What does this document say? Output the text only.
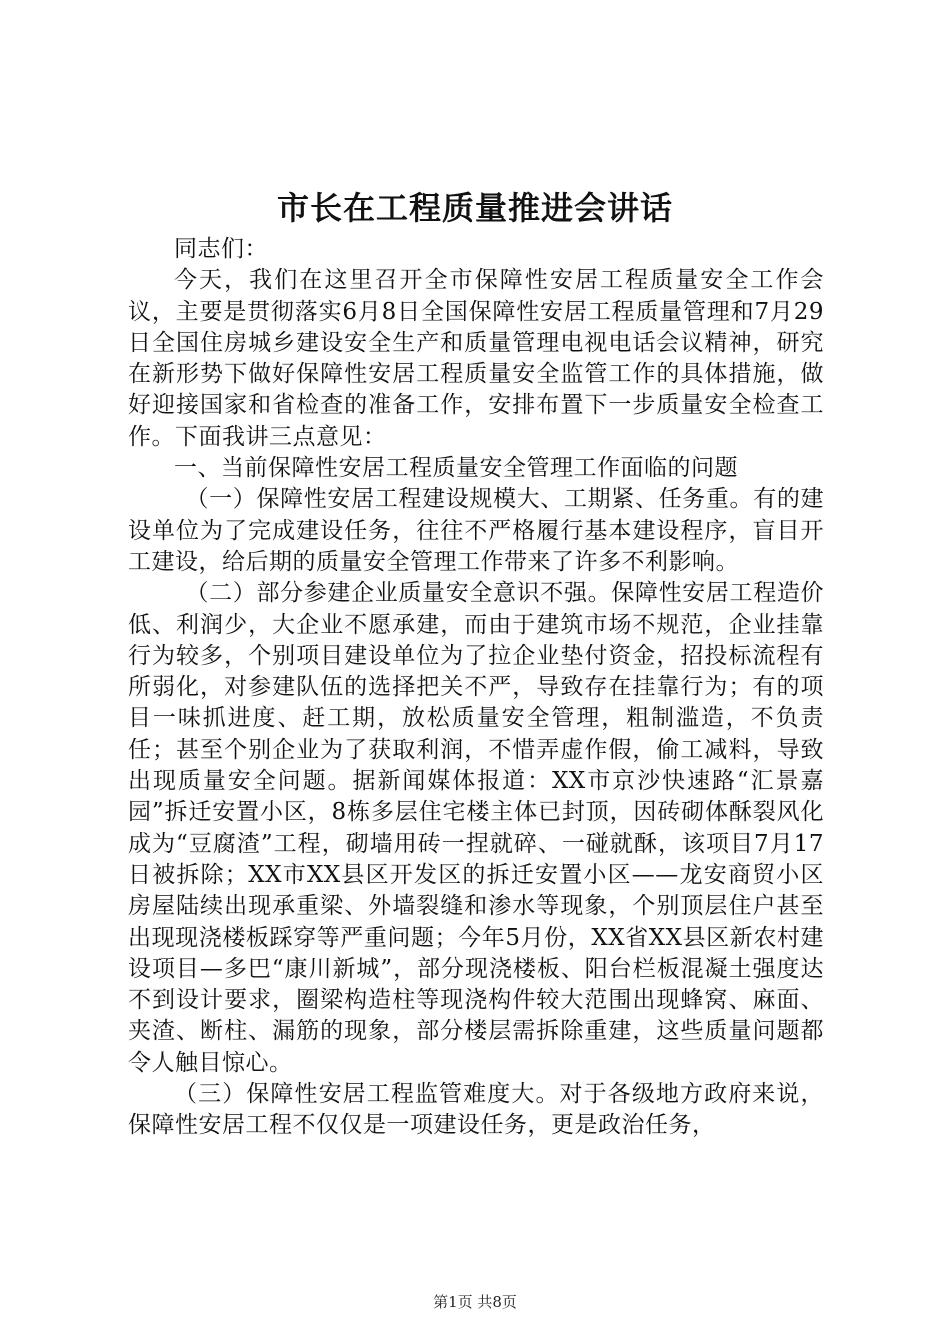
市长在工程质量推进会讲话

同志们：

今天，我们在这里召开全市保障性安居工程质量安全工作会议，主要是贯彻落实6月8日全国保障性安居工程质量管理和7月29日全国住房城乡建设安全生产和质量管理电视电话会议精神，研究在新形势下做好保障性安居工程质量安全监管工作的具体措施，做好迎接国家和省检查的准备工作，安排布置下一步质量安全检查工作。下面我讲三点意见：

一、当前保障性安居工程质量安全管理工作面临的问题

（一）保障性安居工程建设规模大、工期紧、任务重。有的建设单位为了完成建设任务，往往不严格履行基本建设程序，盲目开工建设，给后期的质量安全管理工作带来了许多不利影响。

（二）部分参建企业质量安全意识不强。保障性安居工程造价低、利润少，大企业不愿承建，而由于建筑市场不规范，企业挂靠行为较多，个别项目建设单位为了拉企业垫付资金，招投标流程有所弱化，对参建队伍的选择把关不严，导致存在挂靠行为；有的项目一味抓进度、赶工期，放松质量安全管理，粗制滥造，不负责任；甚至个别企业为了获取利润，不惜弄虚作假，偷工减料，导致出现质量安全问题。据新闻媒体报道：XX市京沙快速路“汇景嘉园”拆迁安置小区，8栋多层住宅楼主体已封顶，因砖砌体酥裂风化成为“豆腐渣”工程，砌墙用砖一捏就碎、一碰就酥，该项目7月17日被拆除；XX市XX县区开发区的拆迁安置小区——龙安商贸小区房屋陆续出现承重梁、外墙裂缝和渗水等现象，个别顶层住户甚至出现现浇楼板踩穿等严重问题；今年5月份，XX省XX县区新农村建设项目—多巴“康川新城”，部分现浇楼板、阳台栏板混凝土强度达不到设计要求，圈梁构造柱等现浇构件较大范围出现蜂窝、麻面、夹渣、断柱、漏筋的现象，部分楼层需拆除重建，这些质量问题都令人触目惊心。

（三）保障性安居工程监管难度大。对于各级地方政府来说，保障性安居工程不仅仅是一项建设任务，更是政治任务，

第1页 共8页
